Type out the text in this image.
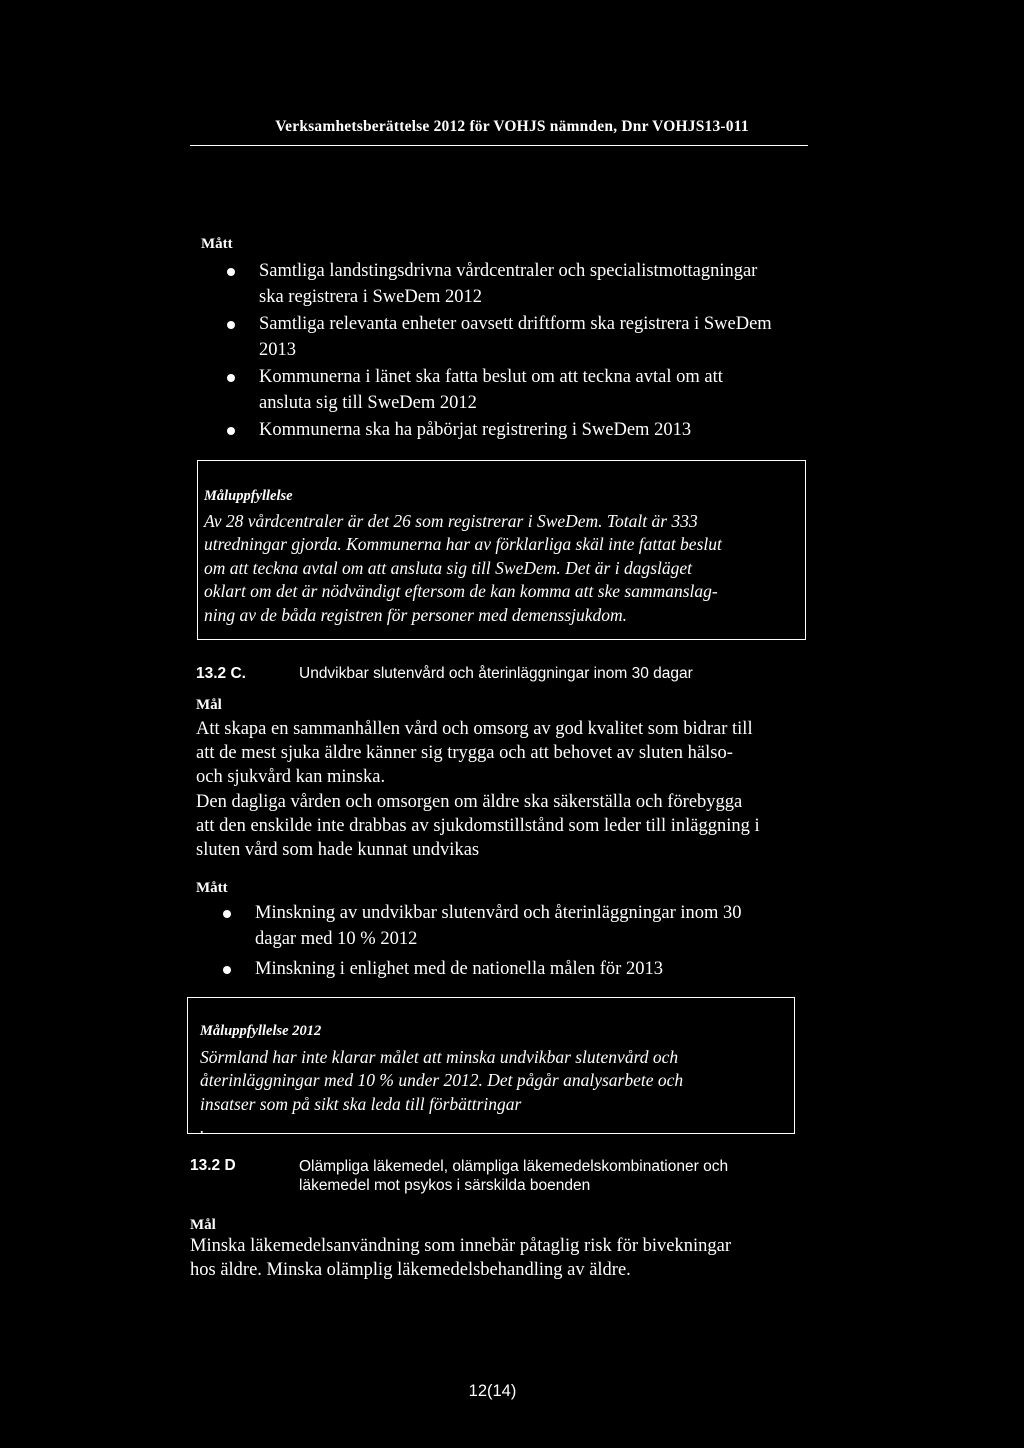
Verksamhetsberättelse 2012 för VOHJS nämnden, Dnr VOHJS13-011
Mått
Samtliga landstingsdrivna vårdcentraler och specialistmottagningar
ska registrera i SweDem 2012
Samtliga relevanta enheter oavsett driftform ska registrera i SweDem
2013
Kommunerna i länet ska fatta beslut om att teckna avtal om att
ansluta sig till SweDem 2012
Kommunerna ska ha påbörjat registrering i SweDem 2013
Måluppfyllelse
Av 28 vårdcentraler är det 26 som registrerar i SweDem. Totalt är 333
utredningar gjorda. Kommunerna har av förklarliga skäl inte fattat beslut
om att teckna avtal om att ansluta sig till SweDem. Det är i dagsläget
oklart om det är nödvändigt eftersom de kan komma att ske sammanslag-
ning av de båda registren för personer med demenssjukdom.
13.2 C.	Undvikbar slutenvård och återinläggningar inom 30 dagar
Mål
Att skapa en sammanhållen vård och omsorg av god kvalitet som bidrar till
att de mest sjuka äldre känner sig trygga och att behovet av sluten hälso-
och sjukvård kan minska.
Den dagliga vården och omsorgen om äldre ska säkerställa och förebygga
att den enskilde inte drabbas av sjukdomstillstånd som leder till inläggning i
sluten vård som hade kunnat undvikas
Mått
Minskning av undvikbar slutenvård och återinläggningar inom 30
dagar med 10 % 2012
Minskning i enlighet med de nationella målen för 2013
Måluppfyllelse 2012
Sörmland har inte klarar målet att minska undvikbar slutenvård och
återinläggningar med 10 % under 2012. Det pågår analysarbete och
insatser som på sikt ska leda till förbättringar
.
13.2 D	Olämpliga läkemedel, olämpliga läkemedelskombinationer och
läkemedel mot psykos i särskilda boenden
Mål
Minska läkemedelsanvändning som innebär påtaglig risk för bivekningar
hos äldre. Minska olämplig läkemedelsbehandling av äldre.
12(14)
